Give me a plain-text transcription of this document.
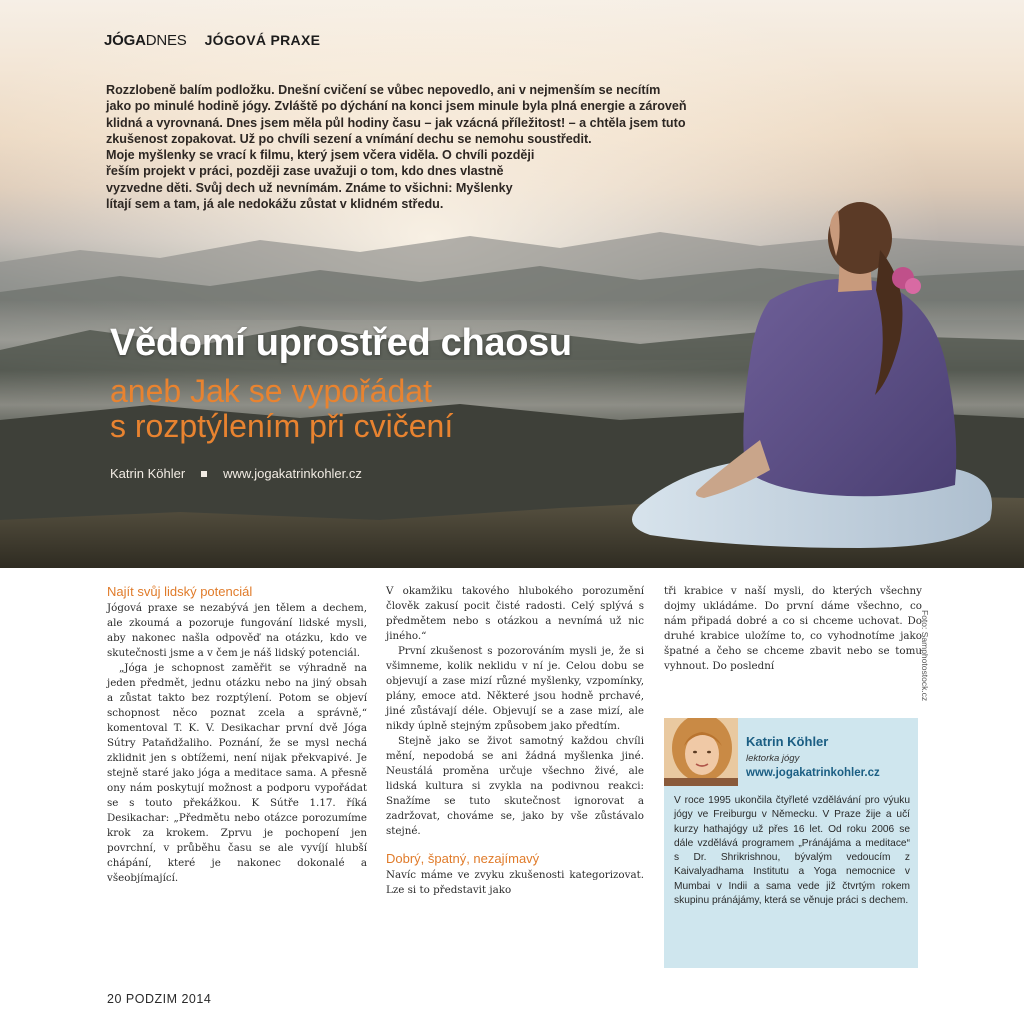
JÓGA DNES JÓGOVÁ PRAXE

Rozzlobeně balím podložku. Dnešní cvičení se vůbec nepovedlo, ani v nejmenším se necítím
jako po minulé hodině jógy. Zvláště po dýchání na konci jsem minule byla plná energie a zároveň
klidná a vyrovnaná. Dnes jsem měla půl hodiny času – jak vzácná příležitost! – a chtěla jsem tuto
zkušenost zopakovat. Už po chvíli sezení a vnímání dechu se nemohu soustředit.
Moje myšlenky se vrací k filmu, který jsem včera viděla. O chvíli později
řeším projekt v práci, později zase uvažuji o tom, kdo dnes vlastně
vyzvedne děti. Svůj dech už nevnímám. Známe to všichni: Myšlenky
lítají sem a tam, já ale nedokážu zůstat v klidném středu.

Vědomí uprostřed chaosu
aneb Jak se vypořádat
s rozptýlením při cvičení
Katrin Köhler	www.jogakatrinkohler.cz
Najít svůj lidský potenciál

Jógová praxe se nezabývá jen tělem a dechem, ale zkoumá a pozoruje fungování lidské mysli, aby nakonec našla odpověď na otázku, kdo ve skutečnosti jsme a v čem je náš lidský potenciál.

„Jóga je schopnost zaměřit se výhradně na jeden předmět, jednu otázku nebo na jiný obsah a zůstat takto bez rozptýlení. Potom se objeví schopnost něco poznat zcela a správně,“ komentoval T. K. V. Desikachar první dvě Jóga Sútry Pataňdžaliho. Poznání, že se mysl nechá zklidnit jen s obtížemi, není nijak překvapivé. Je stejně staré jako jóga a meditace sama. A přesně ony nám poskytují možnost a podporu vypořádat se s touto překážkou. K Sútře 1.17. říká Desikachar: „Předmětu nebo otázce porozumíme krok za krokem. Zprvu je pochopení jen povrchní, v průběhu času se ale vyvíjí hlubší chápání, které je nakonec dokonalé a všeobjímající.

V okamžiku takového hlubokého porozumění člověk zakusí pocit čisté radosti. Celý splývá s předmětem nebo s otázkou a nevnímá už nic jiného.“

První zkušenost s pozorováním mysli je, že si všimneme, kolik neklidu v ní je. Celou dobu se objevují a zase mizí různé myšlenky, vzpomínky, plány, emoce atd. Některé jsou hodně prchavé, jiné zůstávají déle. Objevují se a zase mizí, ale nikdy úplně stejným způsobem jako předtím.

Stejně jako se život samotný každou chvíli mění, nepodobá se ani žádná myšlenka jiné. Neustálá proměna určuje všechno živé, ale lidská kultura si zvykla na podivnou reakci: Snažíme se tuto skutečnost ignorovat a zadržovat, chováme se, jako by vše zůstávalo stejné.

Dobrý, špatný, nezajímavý

Navíc máme ve zvyku zkušenosti kategorizovat. Lze si to představit jako

tři krabice v naší mysli, do kterých všechny dojmy ukládáme. Do první dáme všechno, co nám připadá dobré a co si chceme uchovat. Do druhé krabice uložíme to, co vyhodnotíme jako špatné a čeho se chceme zbavit nebo se tomu vyhnout. Do poslední	Foto: Samphotostock.cz
Katrin Köhler
lektorka jógy
www.jogakatrinkohler.cz
V roce 1995 ukončila čtyřleté vzdělávání pro výuku jógy ve Freiburgu v Německu. V Praze žije a učí kurzy hathajógy už přes 16 let. Od roku 2006 se dále vzdělává programem „Pránájáma a meditace“ s Dr. Shrikrishnou, bývalým vedoucím z Kaivalyadhama Institutu a Yoga nemocnice v Mumbai v Indii a sama vede již čtvrtým rokem skupinu pránájámy, která se věnuje práci s dechem.
20 PODZIM 2014
